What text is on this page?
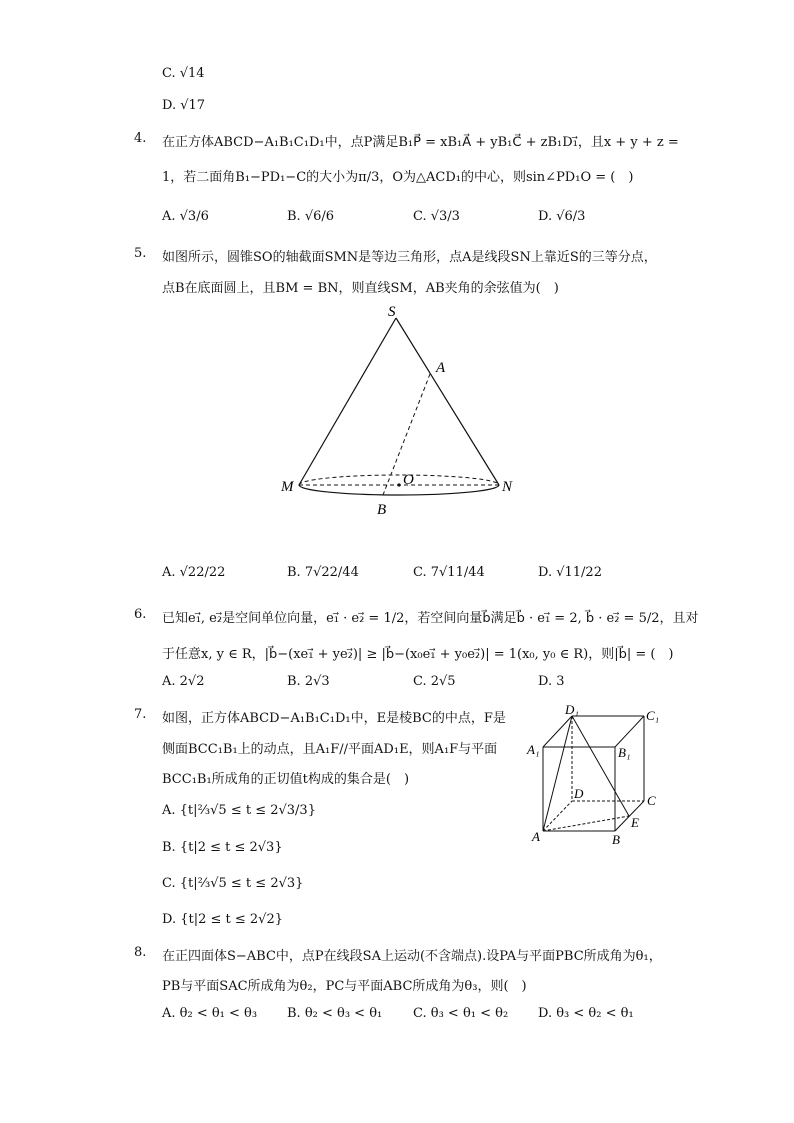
C. √14
D. √17
4. 在正方体ABCD−A₁B₁C₁D₁中，点P满足B₁P⃗ = xB₁A⃗ + yB₁C⃗ + zB₁D₁⃗，且x + y + z =
1，若二面角B₁−PD₁−C的大小为π/3，O为△ACD₁的中心，则sin∠PD₁O = (　)
A. √3/6	B. √6/6	C. √3/3	D. √6/3
5. 如图所示，圆锥SO的轴截面SMN是等边三角形，点A是线段SN上靠近S的三等分点，
点B在底面圆上，且BM = BN，则直线SM，AB夹角的余弦值为(　)
S
A
M	O	N
B
A. √22/22	B. 7√22/44	C. 7√11/44	D. √11/22
6. 已知e₁⃗, e₂⃗是空间单位向量，e₁⃗ · e₂⃗ = 1/2，若空间向量b⃗满足b⃗ · e₁⃗ = 2, b⃗ · e₂⃗ = 5/2，且对
于任意x, y ∈ R，|b⃗−(xe₁⃗ + ye₂⃗)| ≥ |b⃗−(x₀e₁⃗ + y₀e₂⃗)| = 1(x₀, y₀ ∈ R)，则|b⃗| = (　)
A. 2√2	B. 2√3	C. 2√5	D. 3
7. 如图，正方体ABCD−A₁B₁C₁D₁中，E是棱BC的中点，F是
侧面BCC₁B₁上的动点，且A₁F//平面AD₁E，则A₁F与平面
BCC₁B₁所成角的正切值t构成的集合是(　)
D₁	C₁
A₁	B₁
D	C
E
A	B
A. {t|⅔√5 ≤ t ≤ 2√3/3}
B. {t|2 ≤ t ≤ 2√3}
C. {t|⅔√5 ≤ t ≤ 2√3}
D. {t|2 ≤ t ≤ 2√2}
8. 在正四面体S−ABC中，点P在线段SA上运动(不含端点).设PA与平面PBC所成角为θ₁，
PB与平面SAC所成角为θ₂，PC与平面ABC所成角为θ₃，则(　)
A. θ₂ < θ₁ < θ₃ B. θ₂ < θ₃ < θ₁ C. θ₃ < θ₁ < θ₂ D. θ₃ < θ₂ < θ₁
